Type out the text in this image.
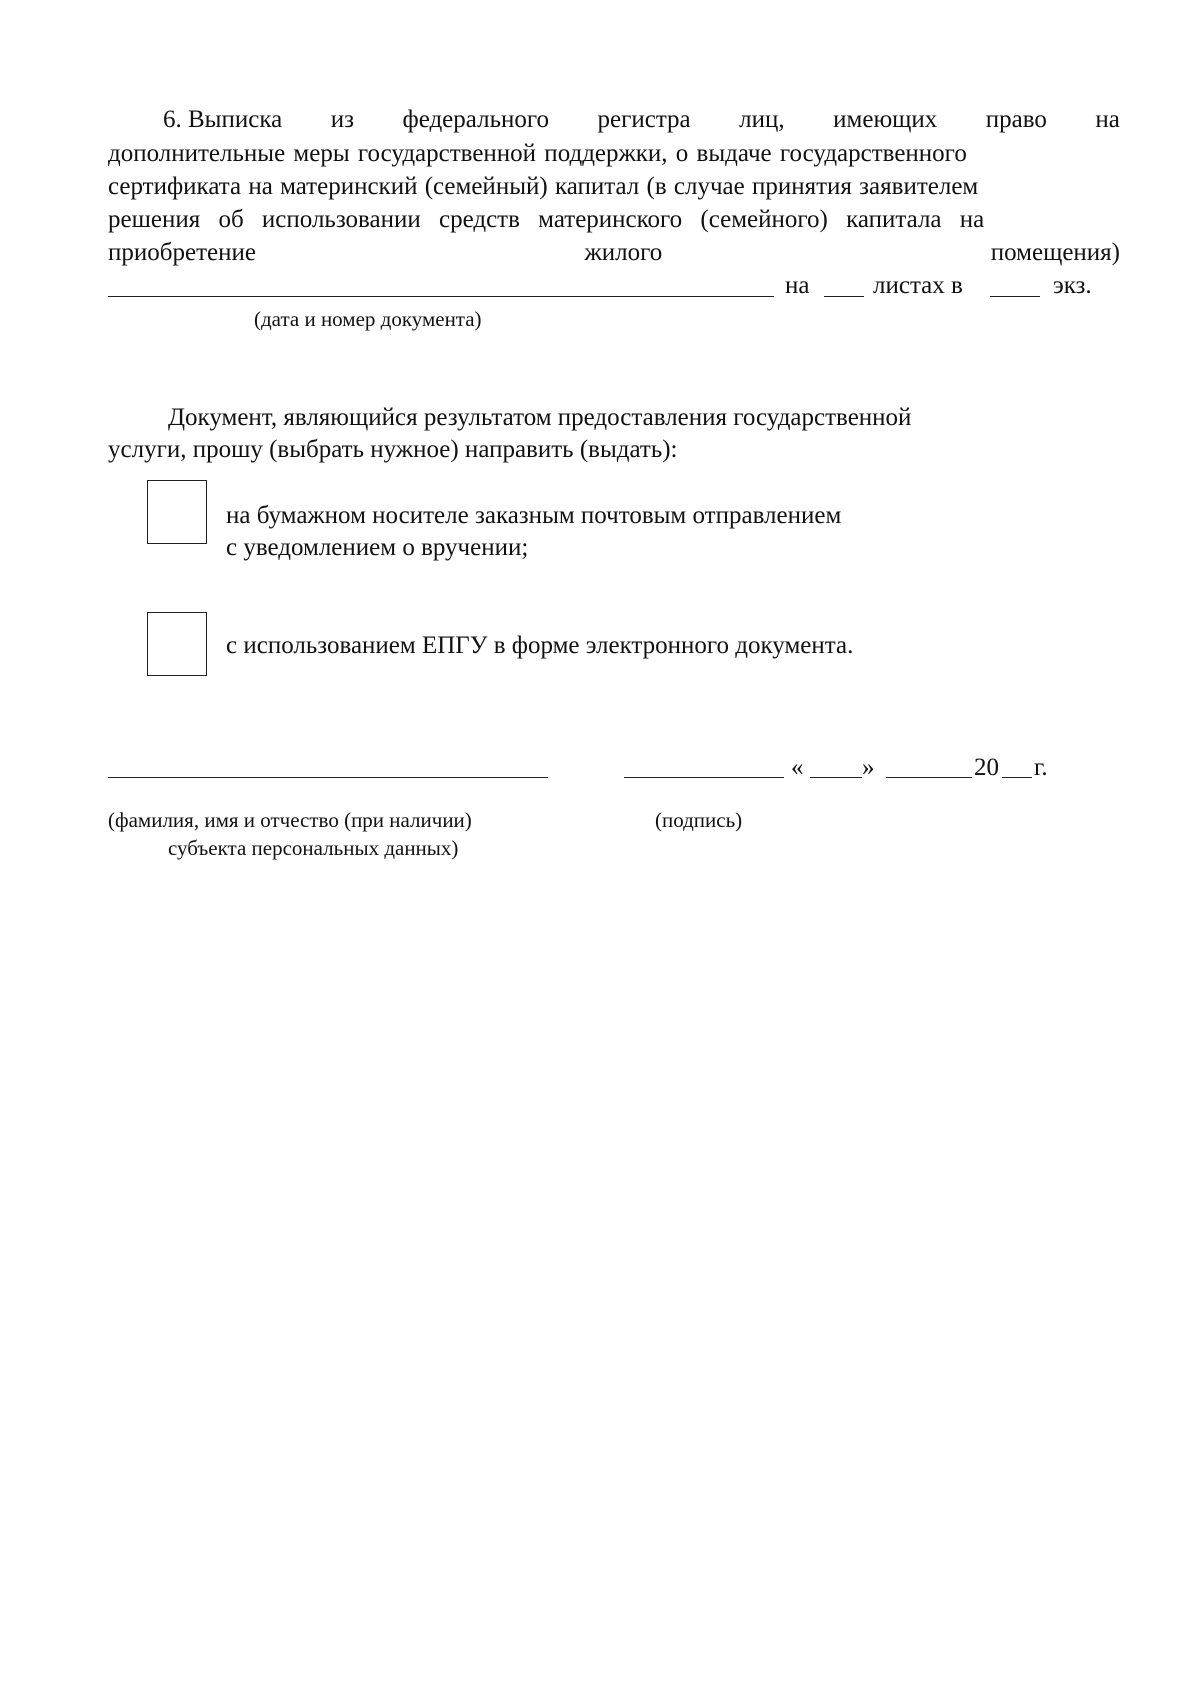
6. Выписка из федерального регистра лиц, имеющих право на
дополнительные меры государственной поддержки, о выдаче государственного
сертификата на материнский (семейный) капитал (в случае принятия заявителем
решения об использовании средств материнского (семейного) капитала на
приобретение	жилого	помещения)
на	листах в	экз.
(дата и номер документа)
Документ, являющийся результатом предоставления государственной
услуги, прошу (выбрать нужное) направить (выдать):
на бумажном носителе заказным почтовым отправлением
с уведомлением о вручении;
с использованием ЕПГУ в форме электронного документа.
« »	20 г.
(фамилия, имя и отчество (при наличии)
субъекта персональных данных)
(подпись)
